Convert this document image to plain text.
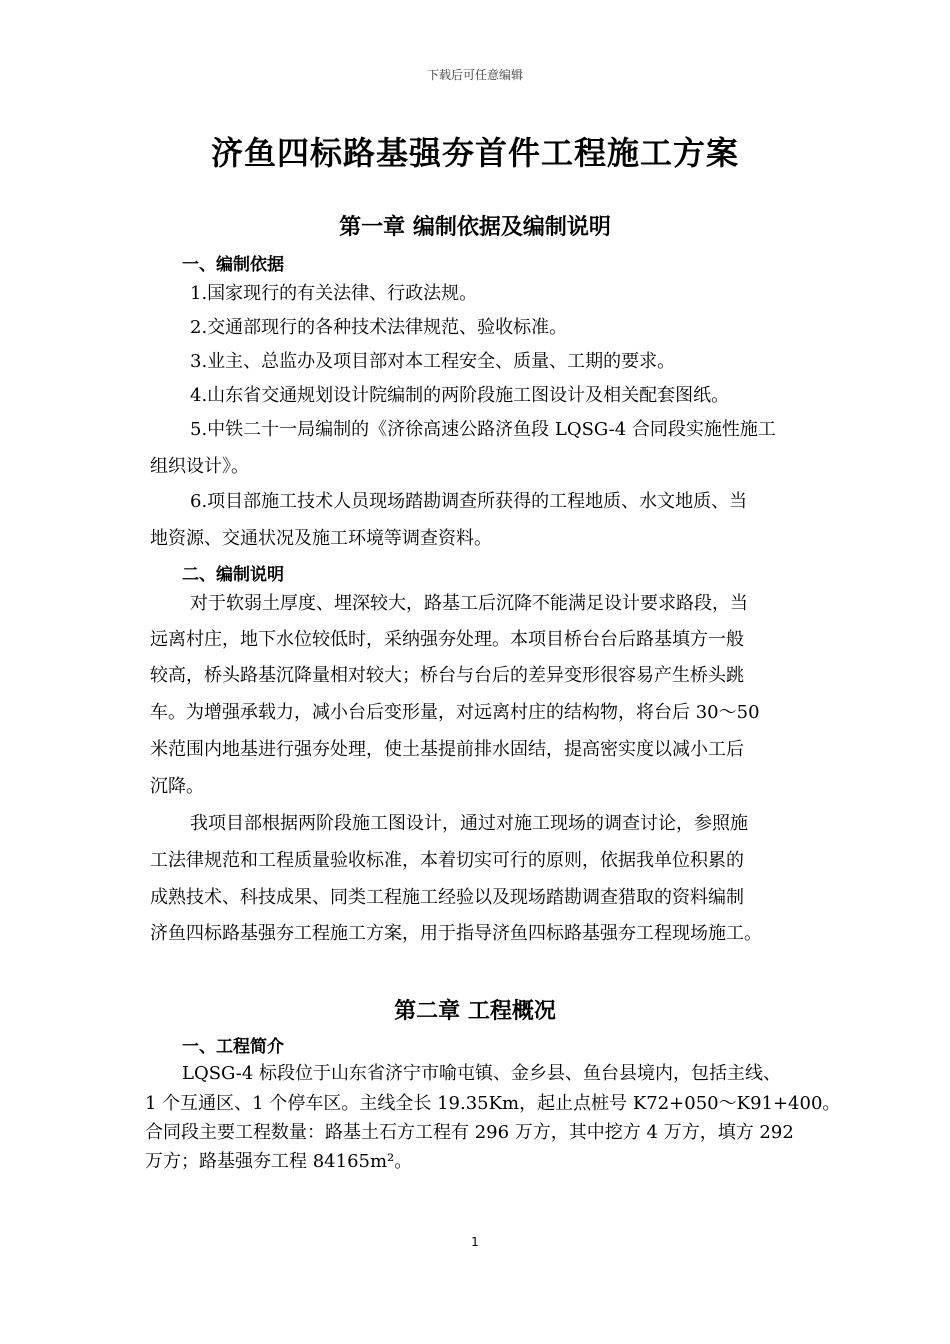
下载后可任意编辑
济鱼四标路基强夯首件工程施工方案
第一章 编制依据及编制说明
一、编制依据
1.国家现行的有关法律、行政法规。
2.交通部现行的各种技术法律规范、验收标准。
3.业主、总监办及项目部对本工程安全、质量、工期的要求。
4.山东省交通规划设计院编制的两阶段施工图设计及相关配套图纸。
5.中铁二十一局编制的《济徐高速公路济鱼段 LQSG-4 合同段实施性施工
组织设计》。
6.项目部施工技术人员现场踏勘调查所获得的工程地质、水文地质、当
地资源、交通状况及施工环境等调查资料。
二、编制说明
对于软弱土厚度、埋深较大，路基工后沉降不能满足设计要求路段，当
远离村庄，地下水位较低时，采纳强夯处理。本项目桥台台后路基填方一般
较高，桥头路基沉降量相对较大；桥台与台后的差异变形很容易产生桥头跳
车。为增强承载力，减小台后变形量，对远离村庄的结构物，将台后 30～50
米范围内地基进行强夯处理，使土基提前排水固结，提高密实度以减小工后
沉降。
我项目部根据两阶段施工图设计，通过对施工现场的调查讨论，参照施
工法律规范和工程质量验收标准，本着切实可行的原则，依据我单位积累的
成熟技术、科技成果、同类工程施工经验以及现场踏勘调查猎取的资料编制
济鱼四标路基强夯工程施工方案，用于指导济鱼四标路基强夯工程现场施工。
第二章 工程概况
一、工程简介
LQSG-4 标段位于山东省济宁市喻屯镇、金乡县、鱼台县境内，包括主线、
1 个互通区、1 个停车区。主线全长 19.35Km，起止点桩号 K72+050～K91+400。
合同段主要工程数量：路基土石方工程有 296 万方，其中挖方 4 万方，填方 292
万方；路基强夯工程 84165m²。
1
